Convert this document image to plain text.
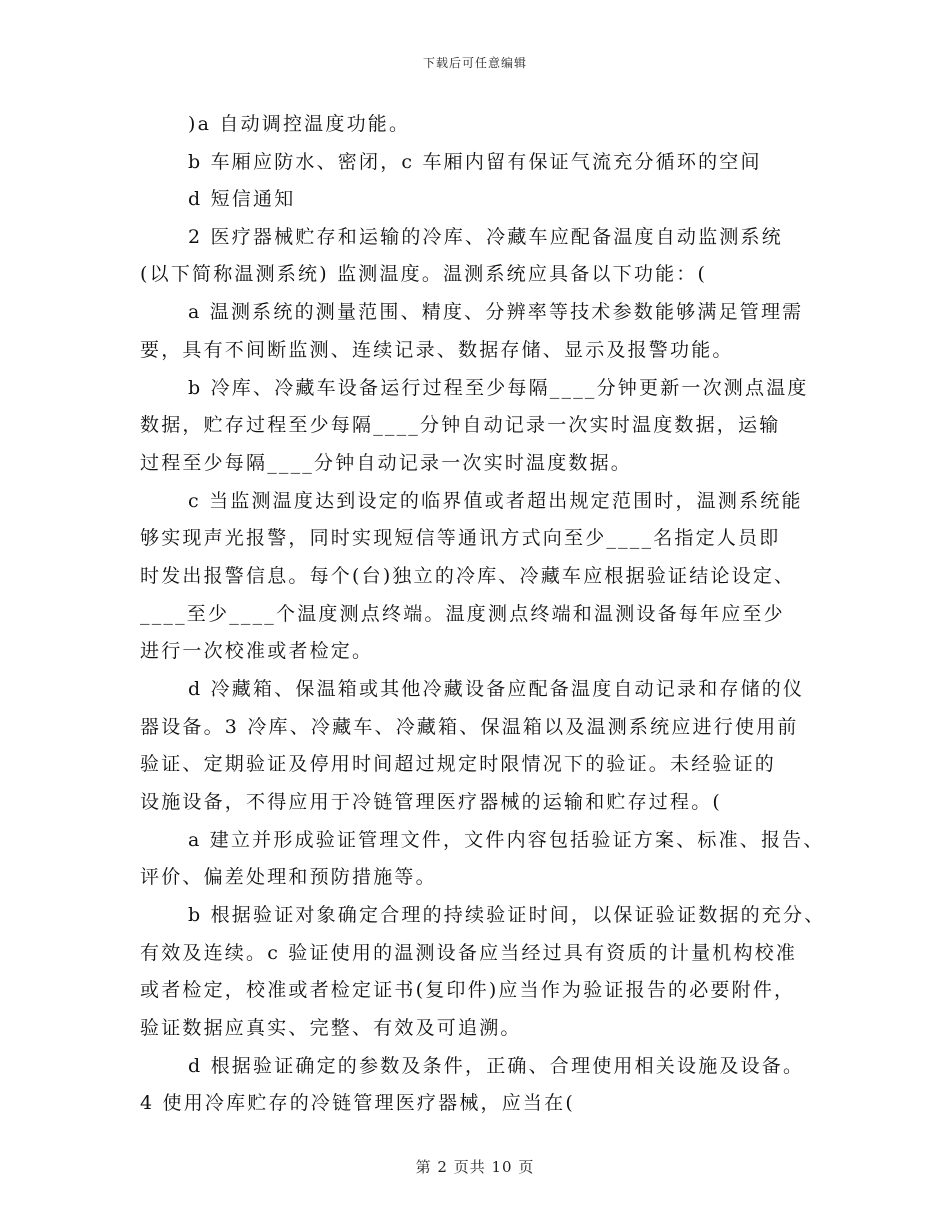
下载后可任意编辑
)a 自动调控温度功能。
b 车厢应防水、密闭，c 车厢内留有保证气流充分循环的空间
d 短信通知
2 医疗器械贮存和运输的冷库、冷藏车应配备温度自动监测系统
(以下简称温测系统) 监测温度。温测系统应具备以下功能：(
a 温测系统的测量范围、精度、分辨率等技术参数能够满足管理需
要，具有不间断监测、连续记录、数据存储、显示及报警功能。
b 冷库、冷藏车设备运行过程至少每隔____分钟更新一次测点温度
数据，贮存过程至少每隔____分钟自动记录一次实时温度数据，运输
过程至少每隔____分钟自动记录一次实时温度数据。
c 当监测温度达到设定的临界值或者超出规定范围时，温测系统能
够实现声光报警，同时实现短信等通讯方式向至少____名指定人员即
时发出报警信息。每个(台)独立的冷库、冷藏车应根据验证结论设定、
____至少____个温度测点终端。温度测点终端和温测设备每年应至少
进行一次校准或者检定。
d 冷藏箱、保温箱或其他冷藏设备应配备温度自动记录和存储的仪
器设备。3 冷库、冷藏车、冷藏箱、保温箱以及温测系统应进行使用前
验证、定期验证及停用时间超过规定时限情况下的验证。未经验证的
设施设备，不得应用于冷链管理医疗器械的运输和贮存过程。(
a 建立并形成验证管理文件，文件内容包括验证方案、标准、报告、
评价、偏差处理和预防措施等。
b 根据验证对象确定合理的持续验证时间，以保证验证数据的充分、
有效及连续。c 验证使用的温测设备应当经过具有资质的计量机构校准
或者检定，校准或者检定证书(复印件)应当作为验证报告的必要附件，
验证数据应真实、完整、有效及可追溯。
d 根据验证确定的参数及条件，正确、合理使用相关设施及设备。
4 使用冷库贮存的冷链管理医疗器械，应当在(
第 2 页共 10 页
